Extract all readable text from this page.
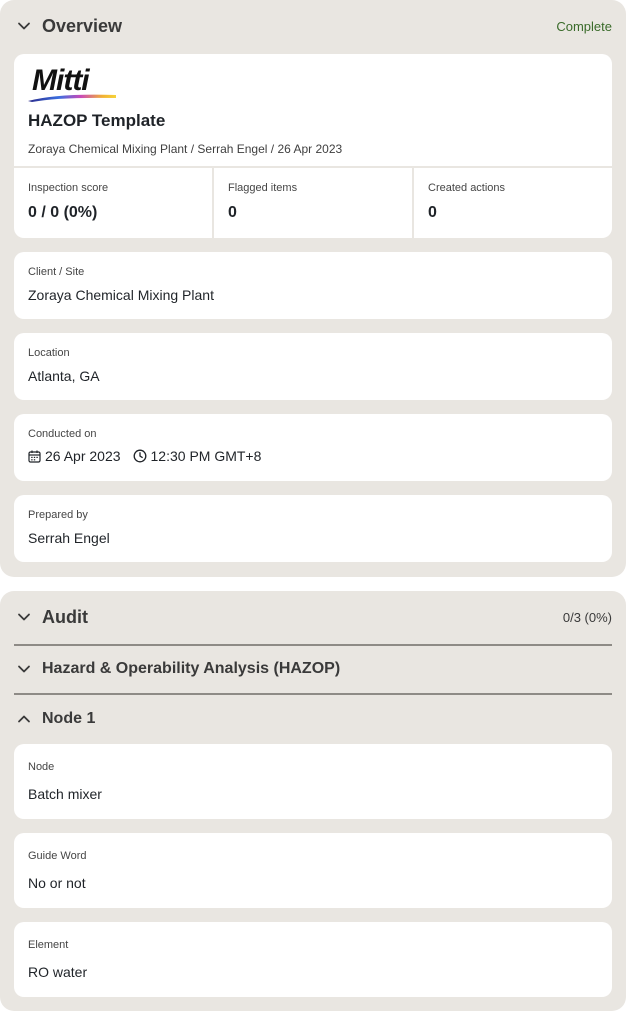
Overview	Complete
Mitti
HAZOP Template
Zoraya Chemical Mixing Plant / Serrah Engel / 26 Apr 2023
Inspection score
0 / 0 (0%)
Flagged items
0
Created actions
0
Client / Site
Zoraya Chemical Mixing Plant
Location
Atlanta, GA
Conducted on
26 Apr 2023 12:30 PM GMT+8
Prepared by
Serrah Engel
Audit	0/3 (0%)
Hazard & Operability Analysis (HAZOP)
Node 1
Node
Batch mixer
Guide Word
No or not
Element
RO water
